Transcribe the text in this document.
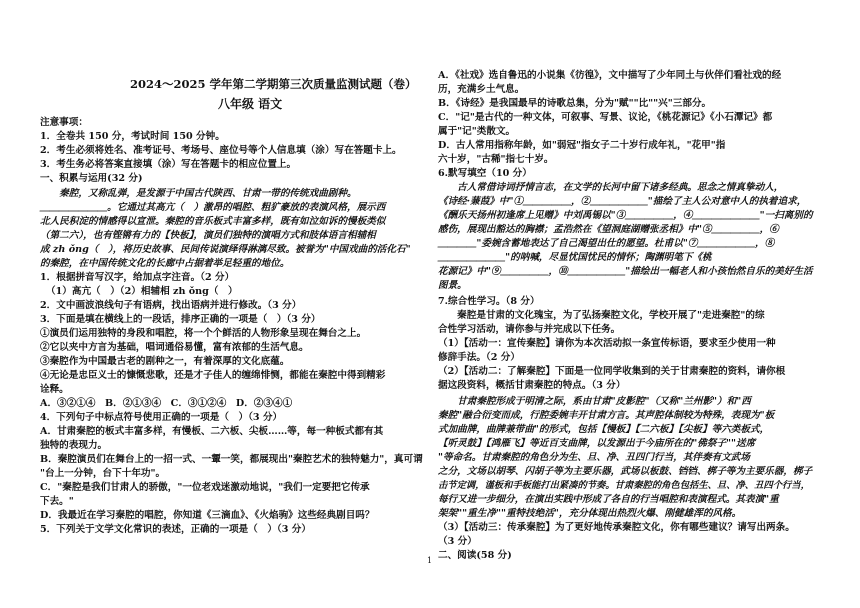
2024～2025 学年第二学期第三次质量监测试题（卷）
八年级 语文
注意事项：
1．全卷共 150 分，考试时间 150 分钟。
2．考生必须将姓名、准考证号、考场号、座位号等个人信息填（涂）写在答题卡上。
3．考生务必将答案直接填（涂）写在答题卡的相应位置上。
一、积累与运用(32 分)
　　秦腔，又称乱弹，是发源于中国古代陕西、甘肃一带的传统戏曲剧种。
＿＿＿＿＿＿＿。它通过其高亢（　）激昂的唱腔、粗犷豪放的表演风格，展示西
北人民积淀的情感得以宣泄。秦腔的音乐板式丰富多样，既有如泣如诉的慢板类似
（第二六），也有铿锵有力的【快板】，演员们独特的演唱方式和肢体语言相辅相
成 zh ǒng（　），将历史故事、民间传说演绎得淋漓尽致。被誉为"中国戏曲的活化石"
的秦腔，在中国传统文化的长廊中占据着举足轻重的地位。
1．根据拼音写汉字，给加点字注音。（2 分）
（1）高亢（　）（2）相辅相 zh ǒng（　）
2．文中画波浪线句子有语病，找出语病并进行修改。（3 分）
3．下面是填在横线上的一段话，排序正确的一项是（　）（3 分）
①演员们运用独特的身段和唱腔，将一个个鲜活的人物形象呈现在舞台之上。
②它以夹中方言为基础，唱词通俗易懂，富有浓郁的生活气息。
③秦腔作为中国最古老的剧种之一，有着深厚的文化底蕴。
④无论是忠臣义士的慷慨悲歌，还是才子佳人的缠绵悱恻，都能在秦腔中得到精彩
诠释。
A．③②①④　B．②①③④　C．③①②④　D．②③④①
4．下列句子中标点符号使用正确的一项是（　）（3 分）
A．甘肃秦腔的板式丰富多样，有慢板、二六板、尖板……等，每一种板式都有其
独特的表现力。
B．秦腔演员们在舞台上的一招一式、一颦一笑，都展现出"秦腔艺术的独特魅力"，真可谓
"台上一分钟，台下十年功"。
C．"秦腔是我们甘肃人的骄傲，"一位老戏迷激动地说，"我们一定要把它传承
下去。"
D．我最近在学习秦腔的唱腔，你知道《三滴血》、《火焰驹》这些经典剧目吗？
5．下列关于文学文化常识的表述，正确的一项是（　）（3 分）
A．《社戏》选自鲁迅的小说集《彷徨》，文中描写了少年同土与伙伴们看社戏的经
历，充满乡土气息。
B．《诗经》是我国最早的诗歌总集，分为"赋""比""兴"三部分。
C．"记"是古代的一种文体，可叙事、写景、议论，《桃花源记》《小石潭记》都
属于"记"类散文。
D．古人常用指称年龄，如"弱冠"指女子二十岁行成年礼，"花甲"指
六十岁，"古稀"指七十岁。
6.默写填空（10 分）
　　古人常借诗词抒情言志，在文学的长河中留下诸多经典。思念之情真挚动人，
《诗经·蒹葭》中"①＿＿＿＿＿，②＿＿＿＿＿＿"描绘了主人公对意中人的执着追求，
《酬乐天扬州初逢席上见赠》中刘禹锡以"③＿＿＿＿＿，④＿＿＿＿＿＿＿"一扫离别的
感伤，展现出豁达的胸襟；孟浩然在《望洞庭湖赠张丞相》中"⑤＿＿＿＿＿，⑥
＿＿＿＿"委婉含蓄地表达了自己渴望出仕的愿望。杜甫以"⑦＿＿＿＿＿＿，⑧
＿＿＿＿＿＿＿"的呐喊，尽显忧国忧民的情怀；陶渊明笔下《桃
花源记》中"⑨＿＿＿＿＿，⑩＿＿＿＿＿＿"描绘出一幅老人和小孩怡然自乐的美好生活
图景。
7.综合性学习。（8 分）
　　秦腔是甘肃的文化瑰宝，为了弘扬秦腔文化，学校开展了"走进秦腔"的综
合性学习活动，请你参与并完成以下任务。
（1）【活动一：宣传秦腔】请你为本次活动拟一条宣传标语，要求至少使用一种
修辞手法。（2 分）
（2）【活动二：了解秦腔】下面是一位同学收集到的关于甘肃秦腔的资料，请你根
据这段资料，概括甘肃秦腔的特点。（3 分）
　　甘肃秦腔形成于明清之际，系由甘肃"皮影腔"（又称"兰州影"）和"西
秦腔"融合衍变而成，行腔委婉丰开甘肃方言。其声腔体制较为特殊，表现为"板
式加曲牌，曲牌兼带曲"的形式，包括【慢板】【二六板】【尖板】等六类板式，
【听灵鼓】【鸿雁飞】等近百支曲牌，以发源出于今庙所在的"佛祭子""送席
"等命名。甘肃秦腔的角色分为生、旦、净、丑四门行当，其伴奏有文武场
之分，文场以胡琴、闪胡子等为主要乐器，武场以板鼓、铛铛、梆子等为主要乐器，梆子
击节定调，谨板和手板能打出紧凑的节奏。甘肃秦腔的角色包括生、旦、净、丑四个行当，
每行又进一步细分，在演出实践中形成了各自的行当唱腔和表演程式。其表演"重
架架""重生净""重特技绝活"，充分体现出热烈火爆、刚健雄浑的风格。
（3）【活动三：传承秦腔】为了更好地传承秦腔文化，你有哪些建议？请写出两条。
（3 分）
二、阅读(58 分)
1
